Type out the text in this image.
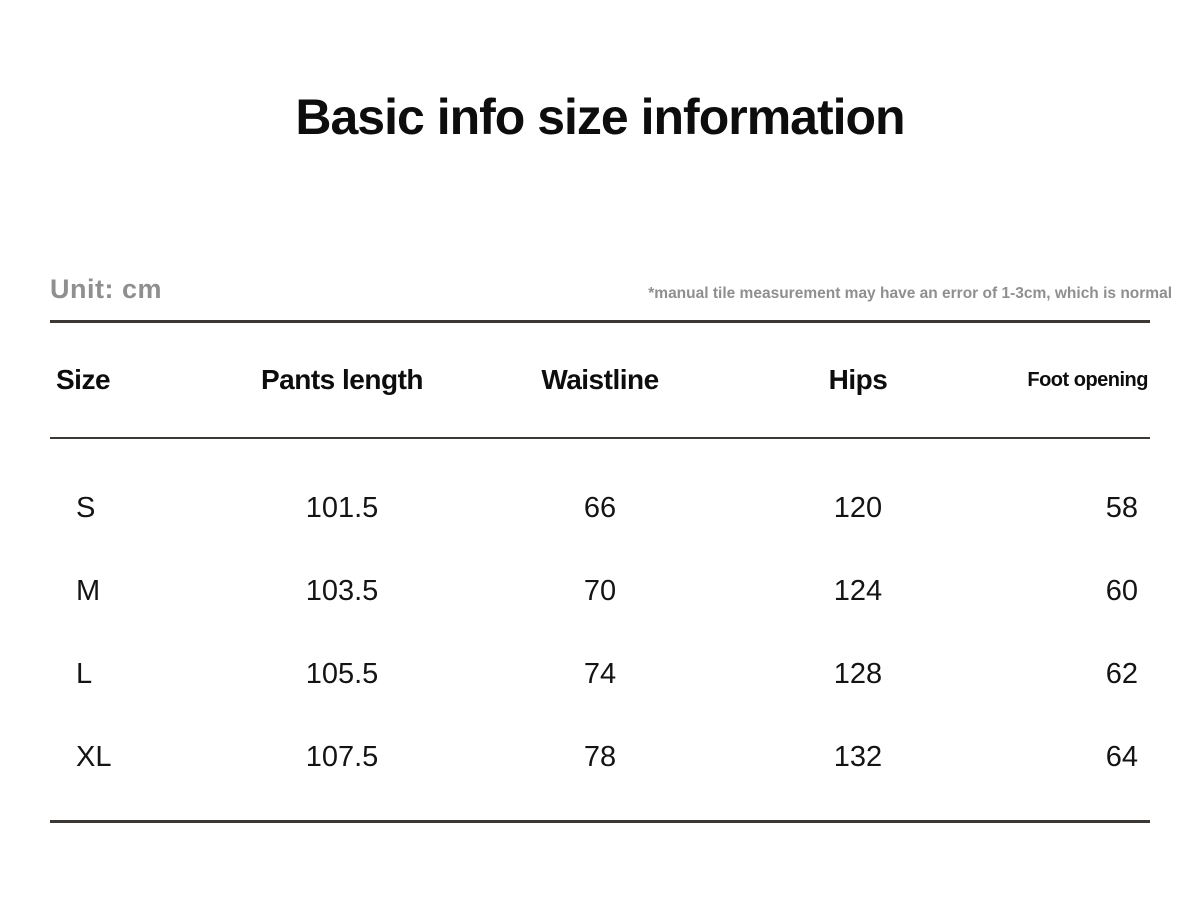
Basic info size information
Unit: cm	*manual tile measurement may have an error of 1-3cm, which is normal
Size	Pants length	Waistline	Hips	Foot opening
S	101.5	66	120	58
M	103.5	70	124	60
L	105.5	74	128	62
XL	107.5	78	132	64
